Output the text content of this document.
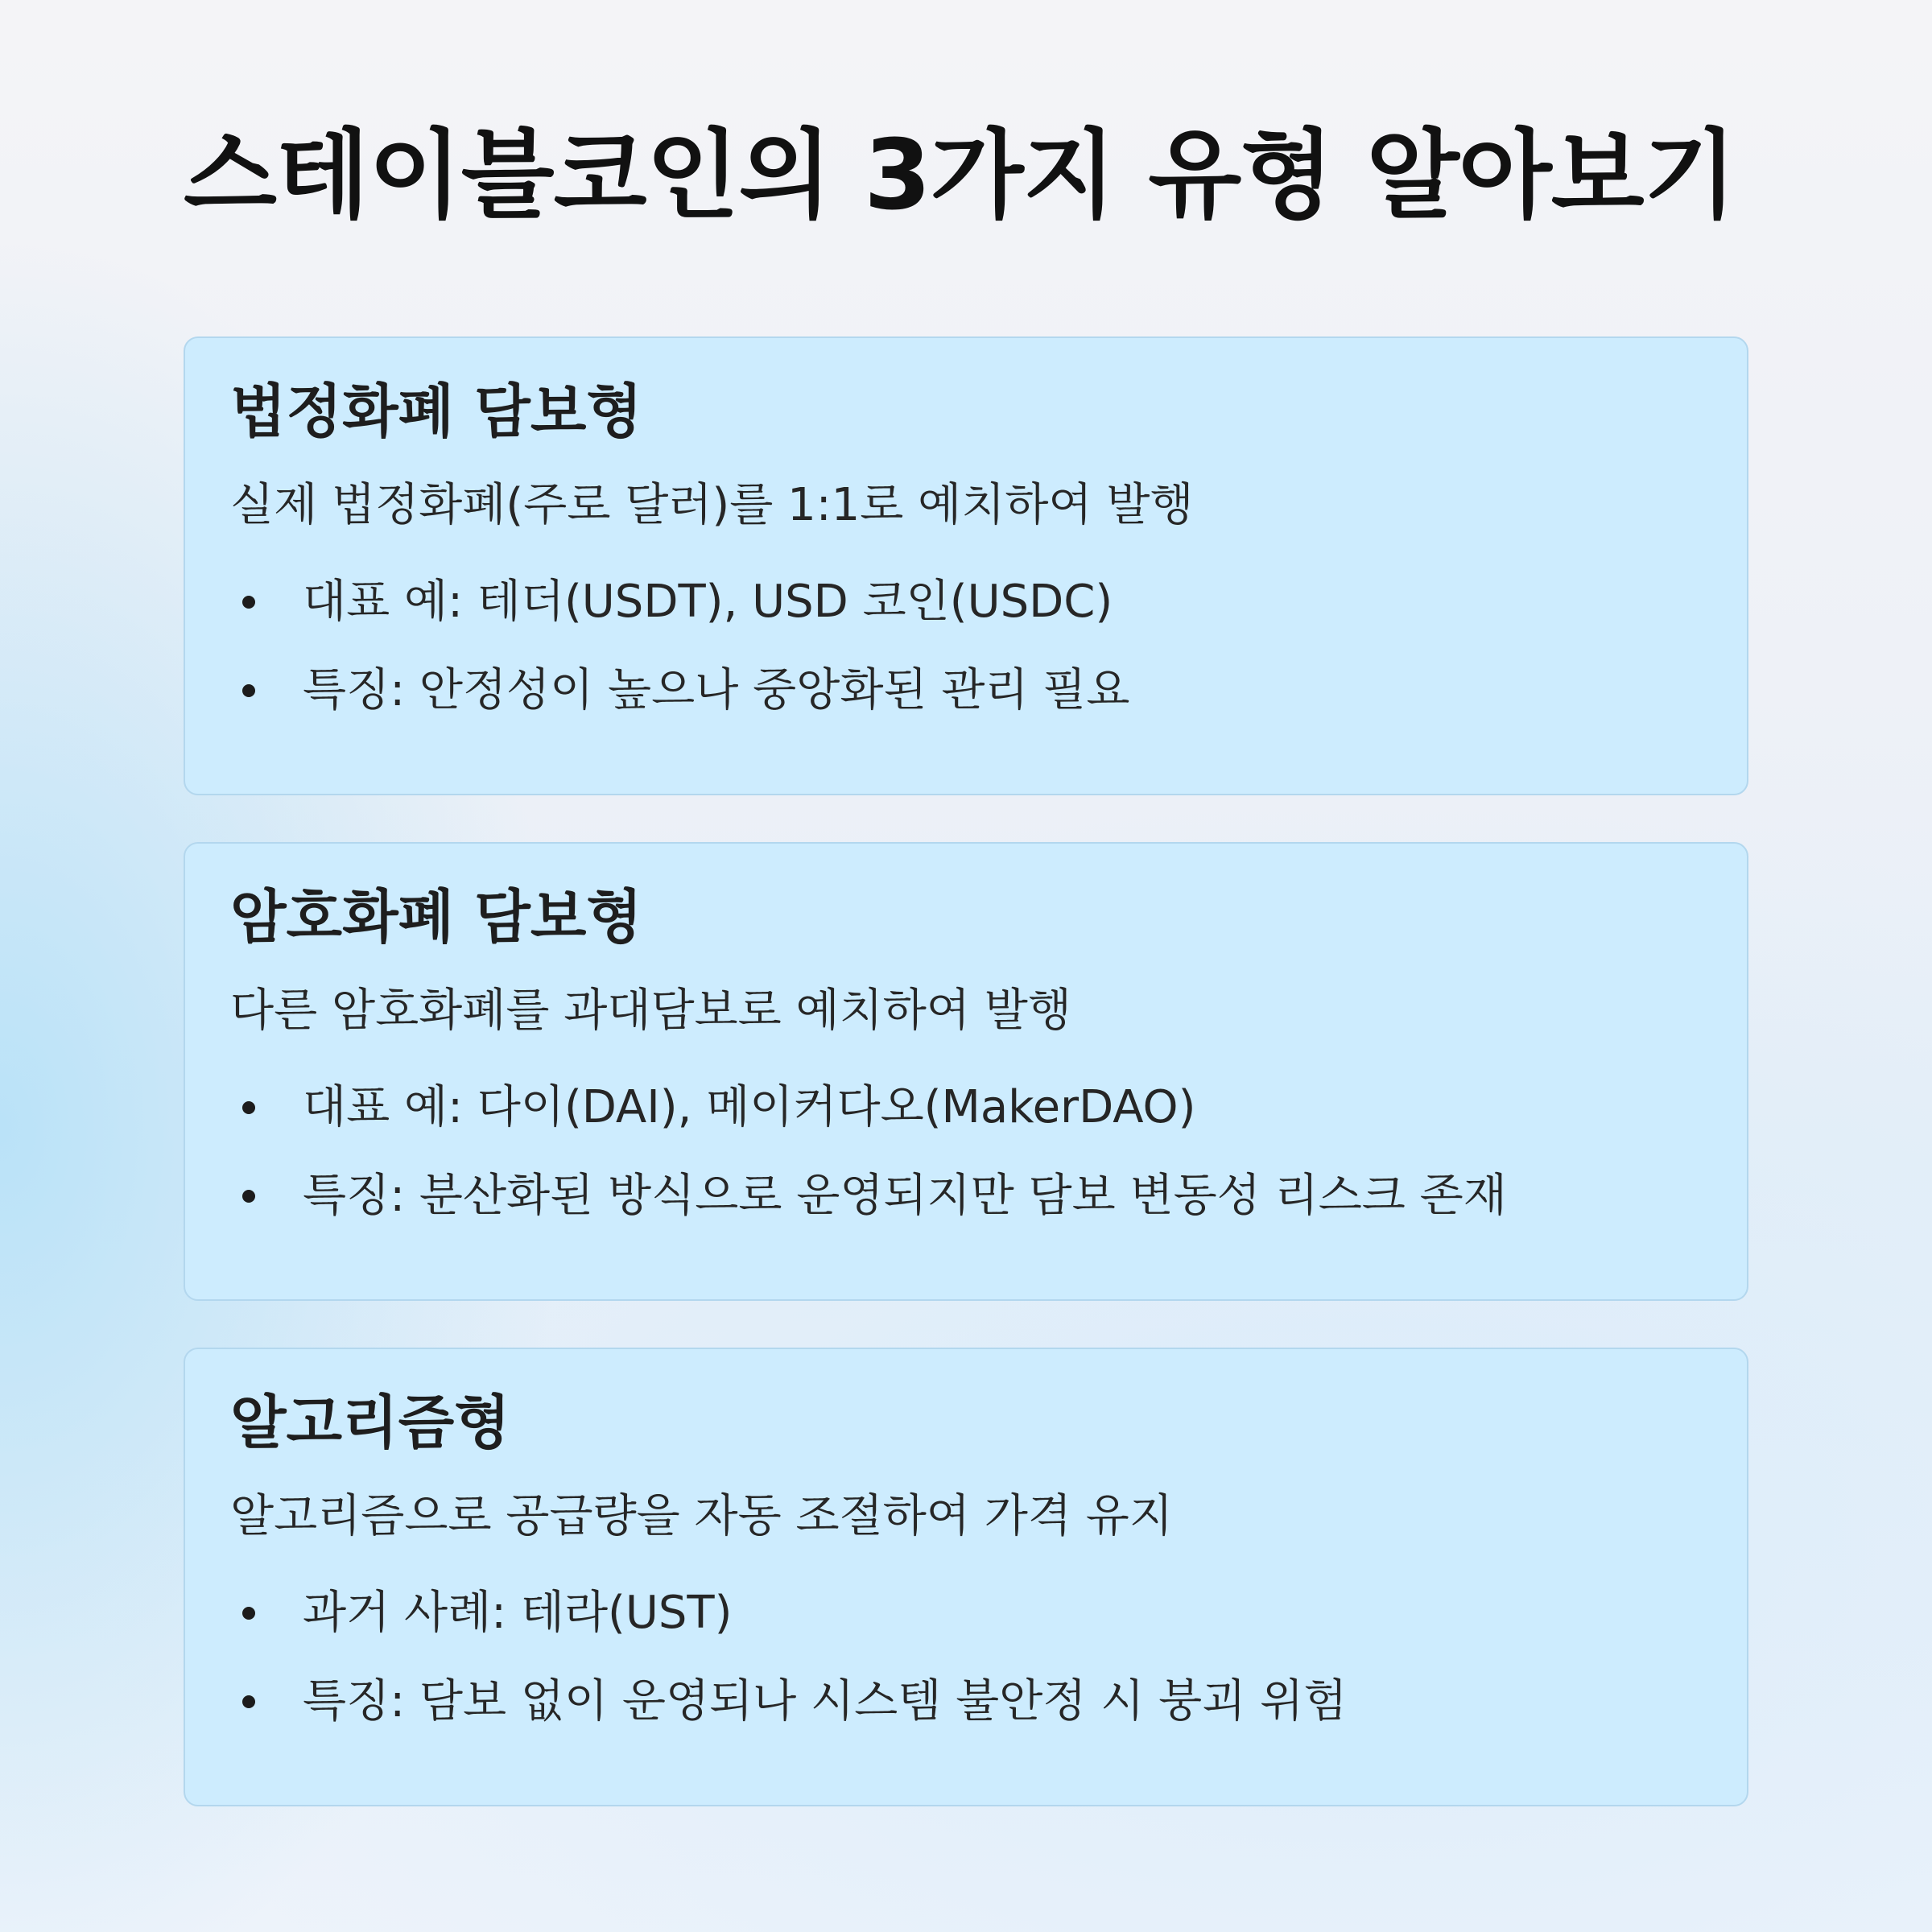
스테이블코인의 3가지 유형 알아보기
법정화폐 담보형

실제 법정화폐(주로 달러)를 1:1로 예치하여 발행

대표 예: 테더(USDT), USD 코인(USDC)
특징: 안정성이 높으나 중앙화된 관리 필요
암호화폐 담보형

다른 암호화폐를 과대담보로 예치하여 발행

대표 예: 다이(DAI), 메이커다오(MakerDAO)
특징: 분산화된 방식으로 운영되지만 담보 변동성 리스크 존재
알고리즘형

알고리즘으로 공급량을 자동 조절하여 가격 유지

과거 사례: 테라(UST)
특징: 담보 없이 운영되나 시스템 불안정 시 붕괴 위험
